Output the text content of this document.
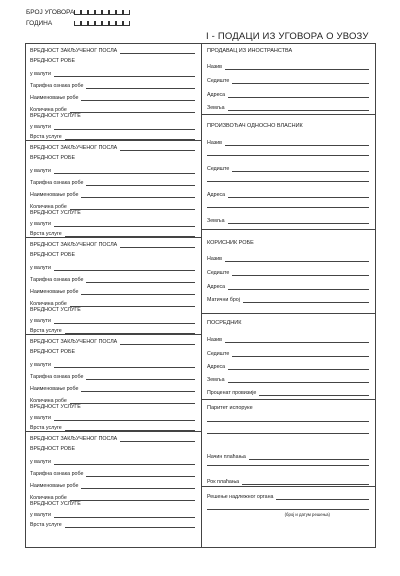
БРОЈ УГОВОРА
ГОДИНА
I - ПОДАЦИ ИЗ УГОВОРА О УВОЗУ
ВРЕДНОСТ ЗАКЉУЧЕНОГ ПОСЛА
ВРЕДНОСТ РОБЕ
у валути
Тарифна ознака робе
Наименовање робе
Количина робе
ВРЕДНОСТ УСЛУГЕ
у валути
Врста услуге
ВРЕДНОСТ ЗАКЉУЧЕНОГ ПОСЛА
ВРЕДНОСТ РОБЕ
у валути
Тарифна ознака робе
Наименовање робе
Количина робе
ВРЕДНОСТ УСЛУГЕ
у валути
Врста услуге
ВРЕДНОСТ ЗАКЉУЧЕНОГ ПОСЛА
ВРЕДНОСТ РОБЕ
у валути
Тарифна ознака робе
Наименовање робе
Количина робе
ВРЕДНОСТ УСЛУГЕ
у валути
Врста услуге
ВРЕДНОСТ ЗАКЉУЧЕНОГ ПОСЛА
ВРЕДНОСТ РОБЕ
у валути
Тарифна ознака робе
Наименовање робе
Количина робе
ВРЕДНОСТ УСЛУГЕ
у валути
Врста услуге
ВРЕДНОСТ ЗАКЉУЧЕНОГ ПОСЛА
ВРЕДНОСТ РОБЕ
у валути
Тарифна ознака робе
Наименовање робе
Количина робе
ВРЕДНОСТ УСЛУГЕ
у валути
Врста услуге
ПРОДАВАЦ ИЗ ИНОСТРАНСТВА
Назив
Седиште
Адреса
Земља
ПРОИЗВОЂАЧ ОДНОСНО ВЛАСНИК
Назив
Седиште
Адреса
Земља
КОРИСНИК РОБЕ
Назив
Седиште
Адреса
Матични број
ПОСРЕДНИК
Назив
Седиште
Адреса
Земља
Проценат провизије
Паритет испоруке
Начин плаћања
Рок плаћања
Решење надлежног органа
(број и датум решења)
